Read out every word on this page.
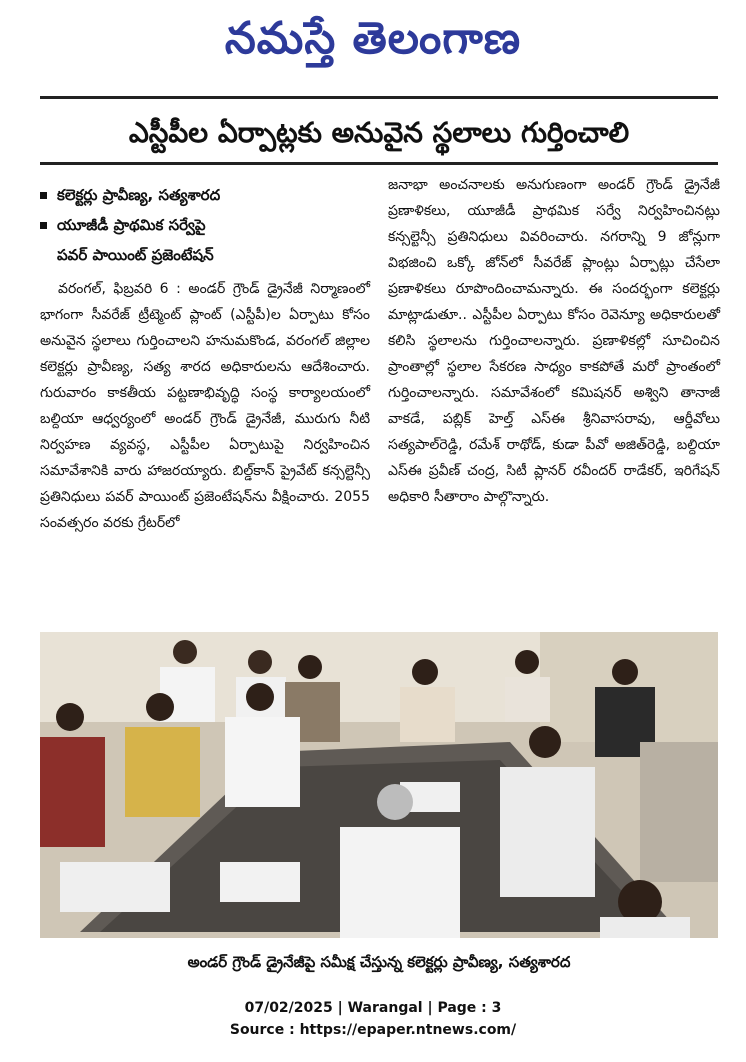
నమస్తే తెలంగాణ
ఎస్టీపీల ఏర్పాట్లకు అనువైన స్థలాలు గుర్తించాలి
కలెక్టర్లు ప్రావీణ్య, సత్యశారద
యూజీడీ ప్రాథమిక సర్వేపై
పవర్ పాయింట్ ప్రజెంటేషన్
వరంగల్, ఫిబ్రవరి 6 : అండర్ గ్రౌండ్ డ్రైనేజీ నిర్మాణంలో భాగంగా సీవరేజ్ ట్రీట్మెంట్ ప్లాంట్ (ఎస్టీపీ)ల ఏర్పాటు కోసం అనువైన స్థలాలు గుర్తించాలని హనుమకొండ, వరంగల్ జిల్లాల కలెక్టర్లు ప్రావీణ్య, సత్య శారద అధికారులను ఆదేశించారు. గురువారం కాకతీయ పట్టణాభివృద్ధి సంస్థ కార్యాలయంలో బల్దియా ఆధ్వర్యంలో అండర్ గ్రౌండ్ డ్రైనేజీ, మురుగు నీటి నిర్వహణ వ్యవస్థ, ఎస్టీపీల ఏర్పాటుపై నిర్వహించిన సమావేశానికి వారు హాజరయ్యారు. బిల్డ్‌కాన్ ప్రైవేట్ కన్సల్టెన్సీ ప్రతినిధులు పవర్ పాయింట్ ప్రజెంటేషన్‌ను వీక్షించారు. 2055 సంవత్సరం వరకు గ్రేటర్‌లో
జనాభా అంచనాలకు అనుగుణంగా అండర్ గ్రౌండ్ డ్రైనేజీ ప్రణాళికలు, యూజీడీ ప్రాథమిక సర్వే నిర్వహించినట్లు కన్సల్టెన్సీ ప్రతినిధులు వివరించారు. నగరాన్ని 9 జోన్లుగా విభజించి ఒక్కో జోన్‌లో సీవరేజ్ ప్లాంట్లు ఏర్పాట్లు చేసేలా ప్రణాళికలు రూపొందించామన్నారు. ఈ సందర్భంగా కలెక్టర్లు మాట్లాడుతూ.. ఎస్టీపీల ఏర్పాటు కోసం రెవెన్యూ అధికారులతో కలిసి స్థలాలను గుర్తించాలన్నారు. ప్రణాళికల్లో సూచించిన ప్రాంతాల్లో స్థలాల సేకరణ సాధ్యం కాకపోతే మరో ప్రాంతంలో గుర్తించాలన్నారు. సమావేశంలో కమిషనర్ అశ్విని తానాజీ వాకడే, పబ్లిక్ హెల్త్ ఎస్ఈ శ్రీనివాసరావు, ఆర్డీవోలు సత్యపాల్‌రెడ్డి, రమేశ్ రాథోడ్, కుడా పీవో అజిత్‌రెడ్డి, బల్దియా ఎస్ఈ ప్రవీణ్ చంద్ర, సిటీ ప్లానర్ రవీందర్ రాడేకర్, ఇరిగేషన్ అధికారి సీతారాం పాల్గొన్నారు.
అండర్ గ్రౌండ్ డ్రైనేజీపై సమీక్ష చేస్తున్న కలెక్టర్లు ప్రావీణ్య, సత్యశారద
07/02/2025 | Warangal | Page : 3
Source : https://epaper.ntnews.com/
